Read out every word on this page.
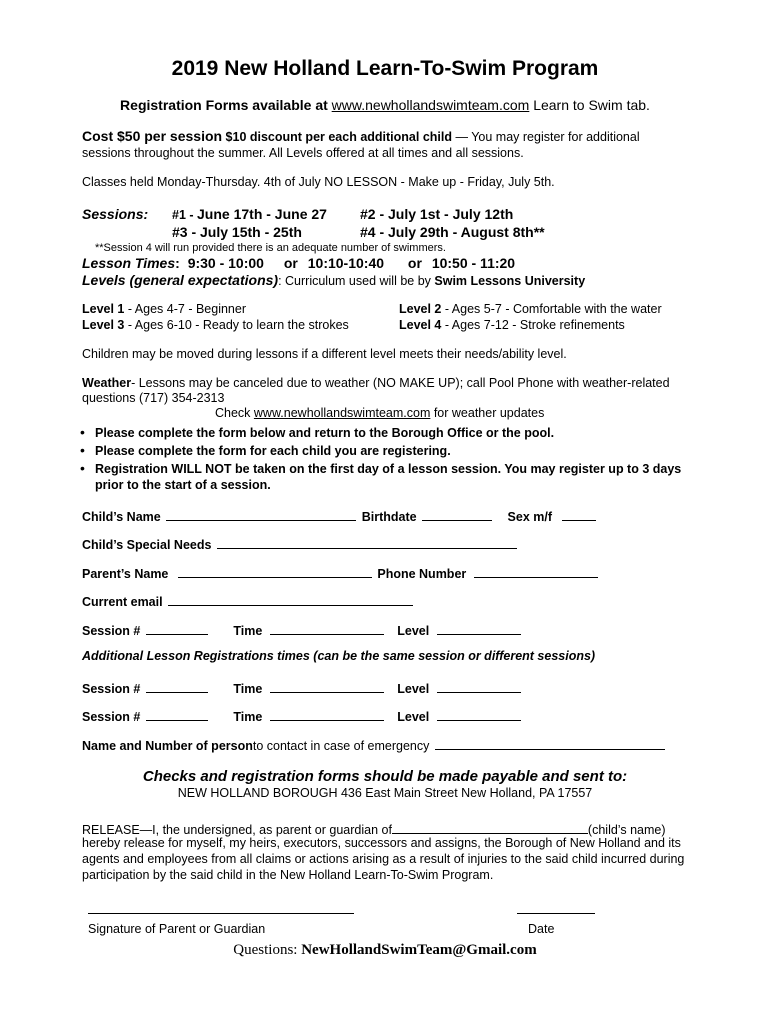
2019 New Holland Learn-To-Swim Program
Registration Forms available at www.newhollandswimteam.com Learn to Swim tab.
Cost $50 per session $10 discount per each additional child — You may register for additional
sessions throughout the summer. All Levels offered at all times and all sessions.
Classes held Monday-Thursday. 4th of July NO LESSON - Make up - Friday, July 5th.
Sessions: #1 - June 17th - June 27 #2 - July 1st - July 12th
#3 - July 15th - 25th	#4 - July 29th - August 8th**
**Session 4 will run provided there is an adequate number of swimmers.
Lesson Times: 9:30 - 10:00 or 10:10-10:40 or 10:50 - 11:20
Levels (general expectations): Curriculum used will be by Swim Lessons University
Level 1 - Ages 4-7 - Beginner	Level 2 - Ages 5-7 - Comfortable with the water
Level 3 - Ages 6-10 - Ready to learn the strokes	Level 4 - Ages 7-12 - Stroke refinements
Children may be moved during lessons if a different level meets their needs/ability level.
Weather- Lessons may be canceled due to weather (NO MAKE UP); call Pool Phone with weather-related
questions (717) 354-2313
Check www.newhollandswimteam.com for weather updates
• Please complete the form below and return to the Borough Office or the pool.
• Please complete the form for each child you are registering.
• Registration WILL NOT be taken on the first day of a lesson session. You may register up to 3 days
prior to the start of a session.
Child’s Name	Birthdate	Sex m/f
Child’s Special Needs
Parent’s Name	Phone Number
Current email
Session #	Time	Level
Additional Lesson Registrations times (can be the same session or different sessions)
Session #	Time	Level
Session #	Time	Level
Name and Number of personto contact in case of emergency
Checks and registration forms should be made payable and sent to:
NEW HOLLAND BOROUGH 436 East Main Street New Holland, PA 17557
RELEASE—I, the undersigned, as parent or guardian of	(child’s name)
hereby release for myself, my heirs, executors, successors and assigns, the Borough of New Holland and its
agents and employees from all claims or actions arising as a result of injuries to the said child incurred during
participation by the said child in the New Holland Learn-To-Swim Program.
Signature of Parent or Guardian	Date
Questions: NewHollandSwimTeam@Gmail.com
